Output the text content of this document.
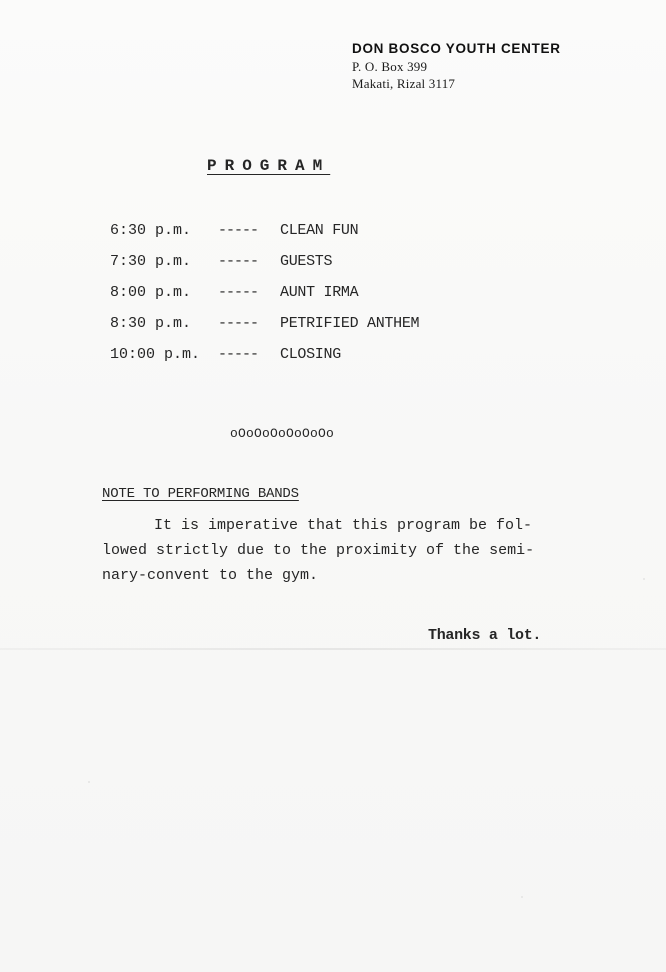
DON BOSCO YOUTH CENTER
P. O. Box 399
Makati, Rizal 3117
PROGRAM
6:30 p.m.	-----	CLEAN FUN
7:30 p.m.	-----	GUESTS
8:00 p.m.	-----	AUNT IRMA
8:30 p.m.	-----	PETRIFIED ANTHEM
10:00 p.m.	-----	CLOSING
oOoOoOoOoOoOo
NOTE TO PERFORMING BANDS
It is imperative that this program be fol-
lowed strictly due to the proximity of the semi-
nary-convent to the gym.
Thanks a lot.
